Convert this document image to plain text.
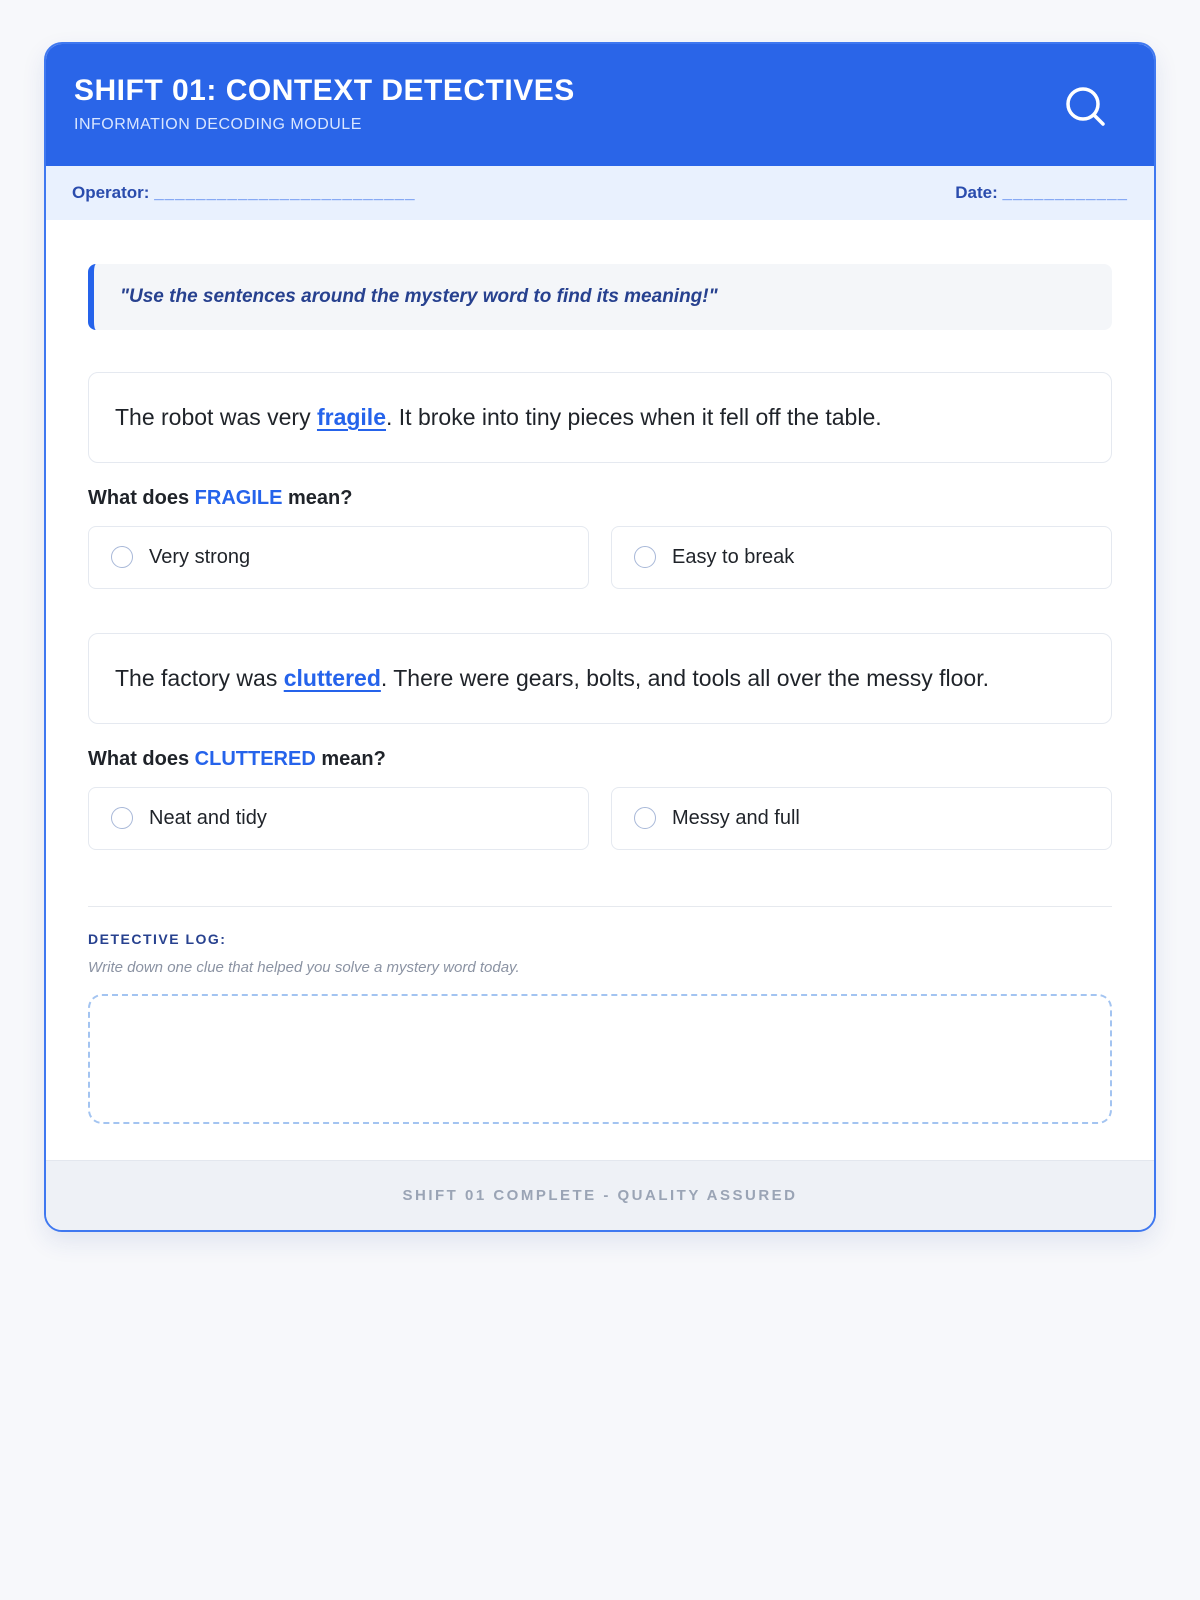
SHIFT 01: CONTEXT DETECTIVES
INFORMATION DECODING MODULE
Operator: _________________________	Date: ____________
"Use the sentences around the mystery word to find its meaning!"
The robot was very fragile. It broke into tiny pieces when it fell off the table.
What does FRAGILE mean?
Very strong	Easy to break
The factory was cluttered. There were gears, bolts, and tools all over the messy floor.
What does CLUTTERED mean?
Neat and tidy	Messy and full
DETECTIVE LOG:
Write down one clue that helped you solve a mystery word today.
SHIFT 01 COMPLETE - QUALITY ASSURED
